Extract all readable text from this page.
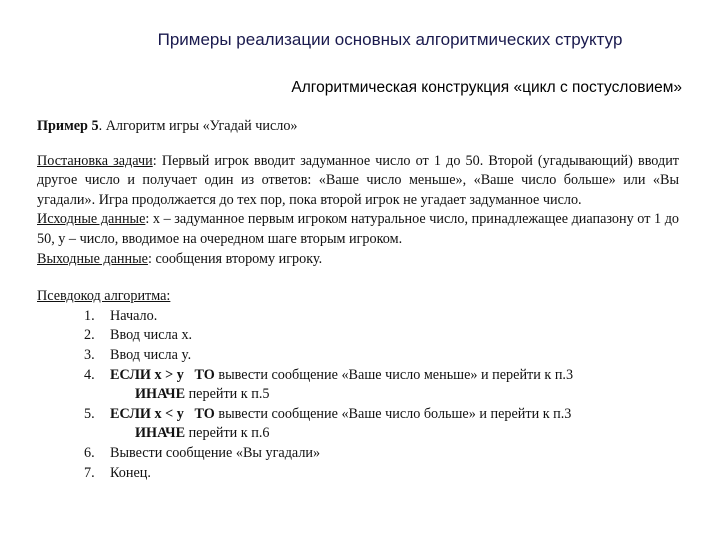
Примеры реализации основных алгоритмических структур
Алгоритмическая конструкция «цикл с постусловием»
Пример 5. Алгоритм игры «Угадай число»
Постановка задачи: Первый игрок вводит задуманное число от 1 до 50. Второй (угадывающий) вводит другое число и получает один из ответов: «Ваше число меньше», «Ваше число больше» или «Вы угадали». Игра продолжается до тех пор, пока второй игрок не угадает задуманное число.
Исходные данные: x – задуманное первым игроком натуральное число, принадлежащее диапазону от 1 до 50, y – число, вводимое на очередном шаге вторым игроком.
Выходные данные: сообщения второму игроку.
Псевдокод алгоритма:
1. Начало.
2. Ввод числа x.
3. Ввод числа y.
4. ЕСЛИ x > y ТО вывести сообщение «Ваше число меньше» и перейти к п.3
ИНАЧЕ перейти к п.5
5. ЕСЛИ x < y ТО вывести сообщение «Ваше число больше» и перейти к п.3
ИНАЧЕ перейти к п.6
6. Вывести сообщение «Вы угадали»
7. Конец.
